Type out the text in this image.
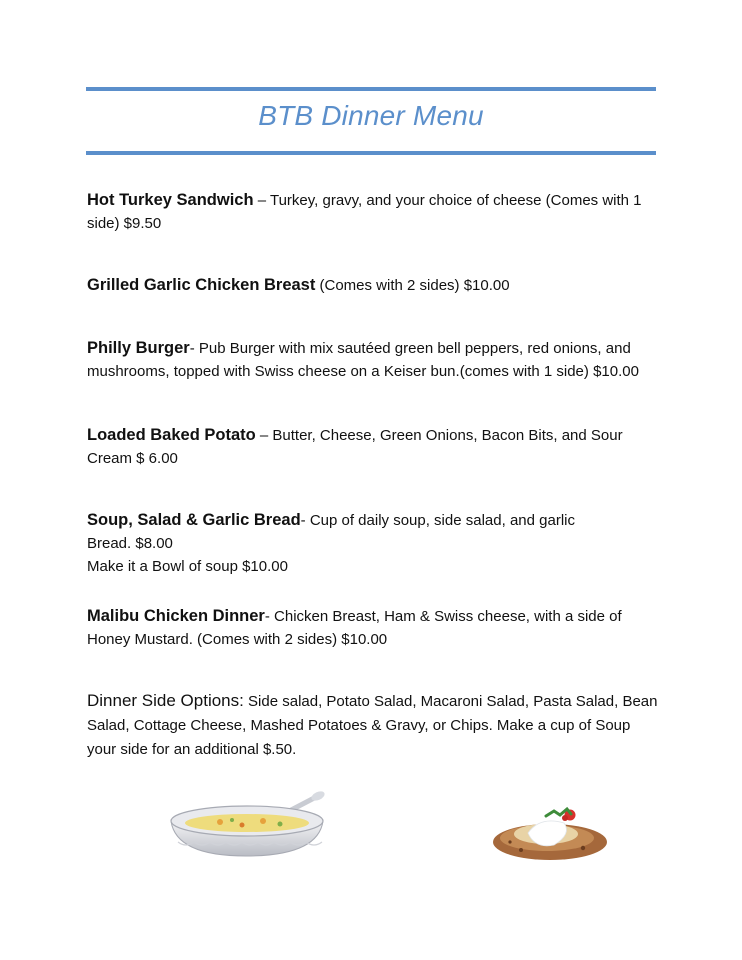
BTB Dinner Menu
Hot Turkey Sandwich – Turkey, gravy, and your choice of cheese (Comes with 1 side) $9.50
Grilled Garlic Chicken Breast (Comes with 2 sides) $10.00
Philly Burger- Pub Burger with mix sautéed green bell peppers, red onions, and mushrooms, topped with Swiss cheese on a Keiser bun.(comes with 1 side) $10.00
Loaded Baked Potato – Butter, Cheese, Green Onions, Bacon Bits, and Sour Cream $ 6.00
Soup, Salad & Garlic Bread- Cup of daily soup, side salad, and garlic Bread. $8.00
Make it a Bowl of soup $10.00
Malibu Chicken Dinner- Chicken Breast, Ham & Swiss cheese, with a side of Honey Mustard. (Comes with 2 sides) $10.00
Dinner Side Options: Side salad, Potato Salad, Macaroni Salad, Pasta Salad, Bean Salad, Cottage Cheese, Mashed Potatoes & Gravy, or Chips. Make a cup of Soup your side for an additional $.50.
